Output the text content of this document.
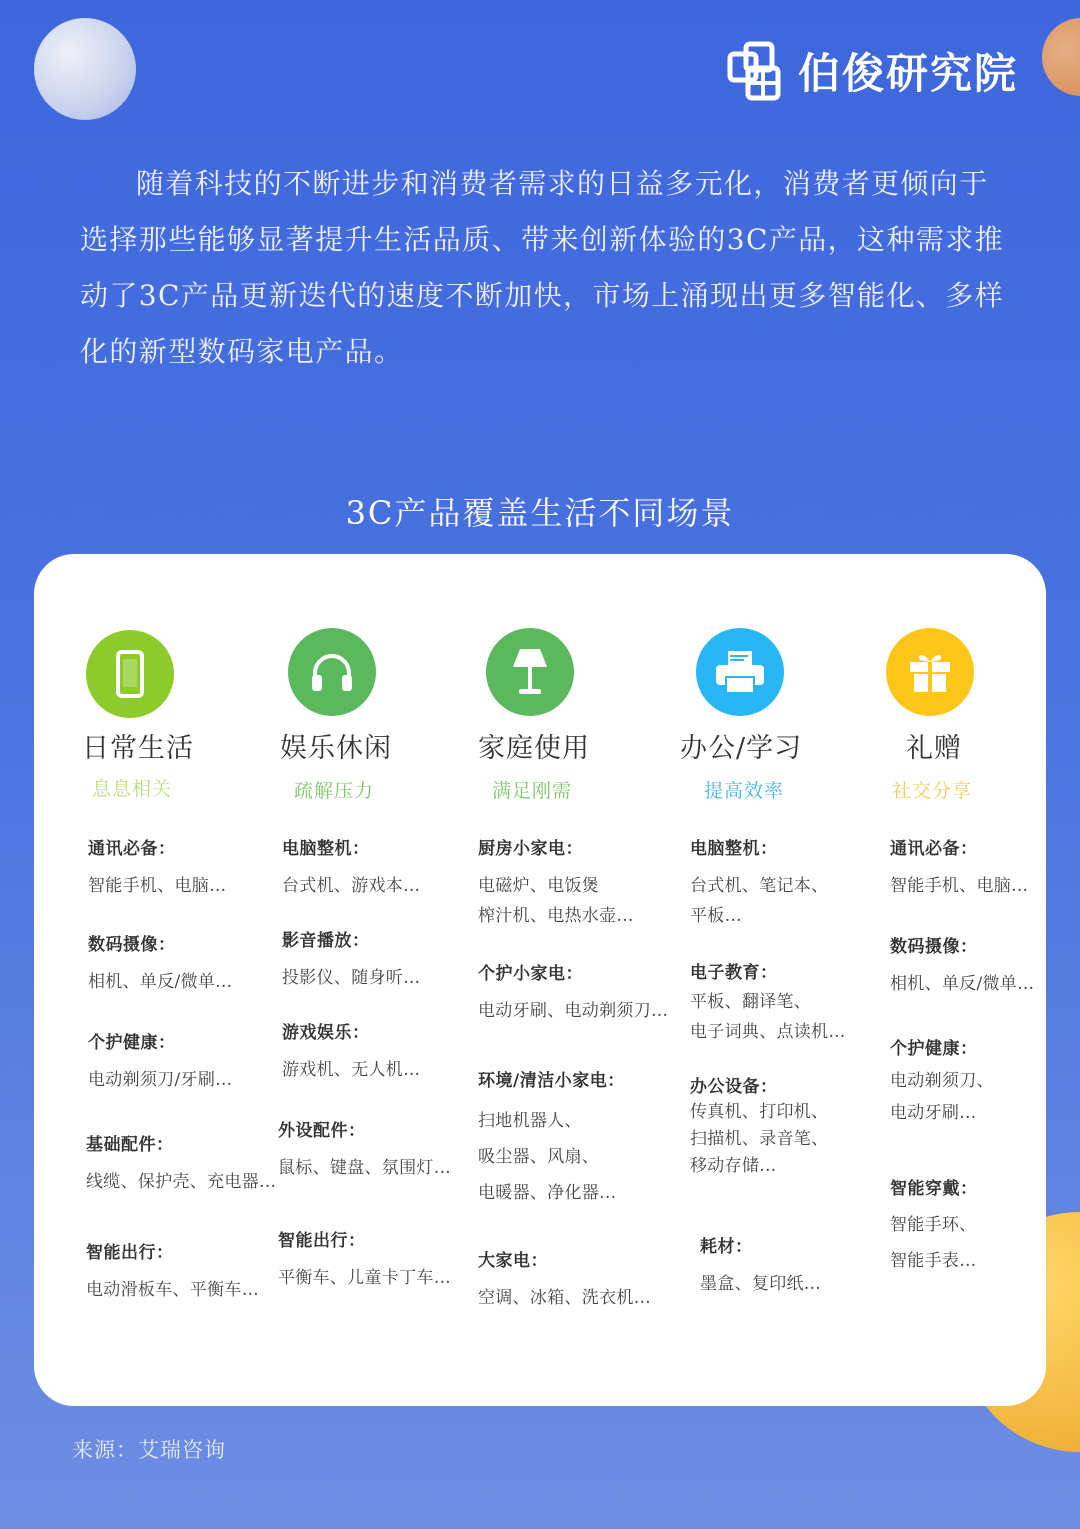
伯俊研究院

随着科技的不断进步和消费者需求的日益多元化，消费者更倾向于选择那些能够显著提升生活品质、带来创新体验的3C产品，这种需求推动了3C产品更新迭代的速度不断加快，市场上涌现出更多智能化、多样化的新型数码家电产品。

3C产品覆盖生活不同场景
日常生活
息息相关
通讯必备：
智能手机、电脑…
数码摄像：
相机、单反/微单…
个护健康：
电动剃须刀/牙刷…
基础配件：
线缆、保护壳、充电器…
智能出行：
电动滑板车、平衡车…
娱乐休闲
疏解压力
电脑整机：
台式机、游戏本…
影音播放：
投影仪、随身听…
游戏娱乐：
游戏机、无人机…
外设配件：
鼠标、键盘、氛围灯…
智能出行：
平衡车、儿童卡丁车…
家庭使用
满足刚需
厨房小家电：
电磁炉、电饭煲
榨汁机、电热水壶…
个护小家电：
电动牙刷、电动剃须刀…
环境/清洁小家电：
扫地机器人、
吸尘器、风扇、
电暖器、净化器…
大家电：
空调、冰箱、洗衣机…
办公/学习
提高效率
电脑整机：
台式机、笔记本、
平板…
电子教育：
平板、翻译笔、
电子词典、点读机…
办公设备：
传真机、打印机、
扫描机、录音笔、
移动存储…
耗材：
墨盒、复印纸…
礼赠
社交分享
通讯必备：
智能手机、电脑…
数码摄像：
相机、单反/微单…
个护健康：
电动剃须刀、
电动牙刷…
智能穿戴：
智能手环、
智能手表…
来源：艾瑞咨询
